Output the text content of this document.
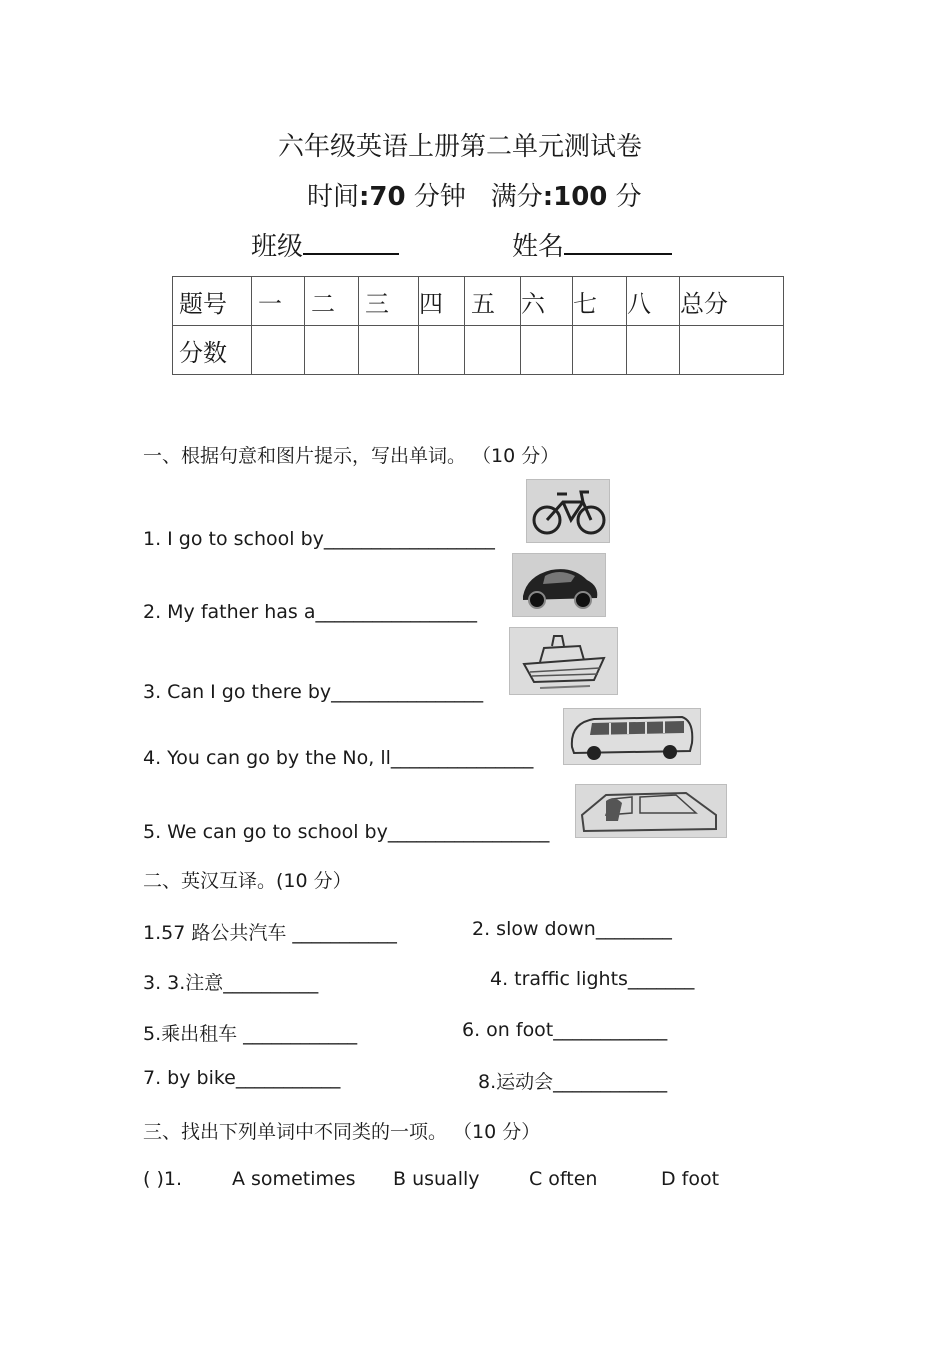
六年级英语上册第二单元测试卷
时间:70 分钟 满分:100 分
班级	姓名
题号	一	二	三	四	五	六	七	八	总分
分数									
一、根据句意和图片提示，写出单词。 （10 分）
1. I go to school by__________________
2. My father has a_________________
3. Can I go there by________________
4. You can go by the No, ll_______________
5. We can go to school by_________________
二、英汉互译。(10 分）
1.57 路公共汽车 ___________	2. slow down________
3. 3.注意__________	4. traffic lights_______
5.乘出租车 ____________	6. on foot____________
7. by bike___________	8.运动会____________
三、找出下列单词中不同类的一项。 （10 分）
( )1.	A sometimes B usually	C often	D foot
